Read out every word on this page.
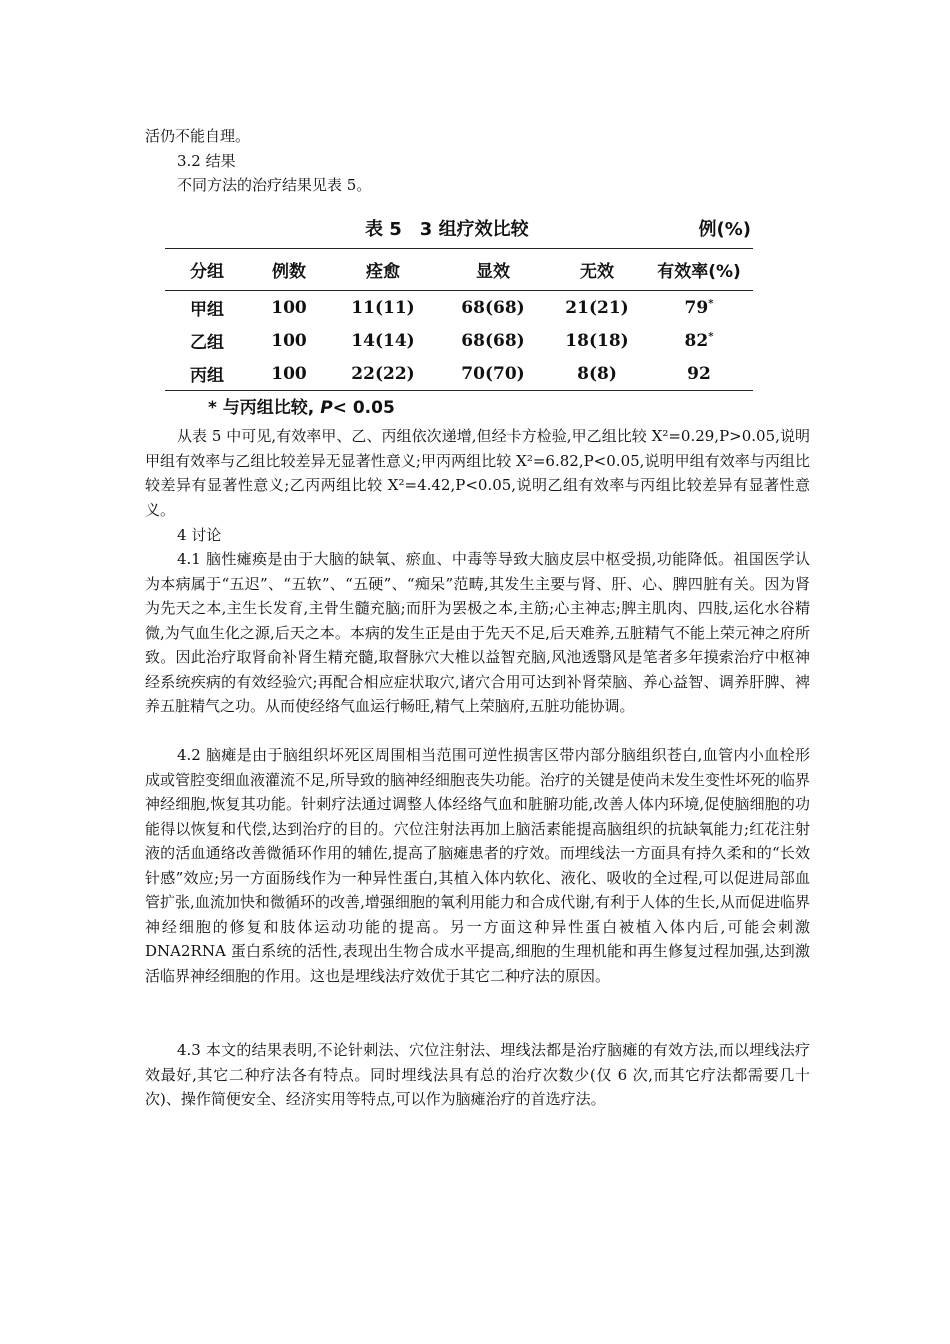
活仍不能自理。
3.2 结果
不同方法的治疗结果见表 5。
表 5　3 组疗效比较	例(%)
分组	例数	痊愈	显效	无效	有效率(%)
甲组	100	11(11)	68(68)	21(21)	79*
乙组	100	14(14)	68(68)	18(18)	82*
丙组	100	22(22)	70(70)	8(8)	92
* 与丙组比较, P< 0.05
从表 5 中可见,有效率甲、乙、丙组依次递增,但经卡方检验,甲乙组比较 X²=0.29,P>0.05,说明甲组有效率与乙组比较差异无显著性意义;甲丙两组比较 X²=6.82,P<0.05,说明甲组有效率与丙组比较差异有显著性意义;乙丙两组比较 X²=4.42,P<0.05,说明乙组有效率与丙组比较差异有显著性意义。
4 讨论
4.1 脑性瘫痪是由于大脑的缺氧、瘀血、中毒等导致大脑皮层中枢受损,功能降低。祖国医学认为本病属于“五迟”、“五软”、“五硬”、“痴呆”范畴,其发生主要与肾、肝、心、脾四脏有关。因为肾为先天之本,主生长发育,主骨生髓充脑;而肝为罢极之本,主筋;心主神志;脾主肌肉、四肢,运化水谷精微,为气血生化之源,后天之本。本病的发生正是由于先天不足,后天难养,五脏精气不能上荣元神之府所致。因此治疗取肾俞补肾生精充髓,取督脉穴大椎以益智充脑,风池透翳风是笔者多年摸索治疗中枢神经系统疾病的有效经验穴;再配合相应症状取穴,诸穴合用可达到补肾荣脑、养心益智、调养肝脾、裨养五脏精气之功。从而使经络气血运行畅旺,精气上荣脑府,五脏功能协调。
4.2 脑瘫是由于脑组织坏死区周围相当范围可逆性损害区带内部分脑组织苍白,血管内小血栓形成或管腔变细血液灌流不足,所导致的脑神经细胞丧失功能。治疗的关键是使尚未发生变性坏死的临界神经细胞,恢复其功能。针刺疗法通过调整人体经络气血和脏腑功能,改善人体内环境,促使脑细胞的功能得以恢复和代偿,达到治疗的目的。穴位注射法再加上脑活素能提高脑组织的抗缺氧能力;红花注射液的活血通络改善微循环作用的辅佐,提高了脑瘫患者的疗效。而埋线法一方面具有持久柔和的“长效针感”效应;另一方面肠线作为一种异性蛋白,其植入体内软化、液化、吸收的全过程,可以促进局部血管扩张,血流加快和微循环的改善,增强细胞的氧利用能力和合成代谢,有利于人体的生长,从而促进临界神经细胞的修复和肢体运动功能的提高。另一方面这种异性蛋白被植入体内后,可能会刺激 DNA2RNA 蛋白系统的活性,表现出生物合成水平提高,细胞的生理机能和再生修复过程加强,达到激活临界神经细胞的作用。这也是埋线法疗效优于其它二种疗法的原因。
4.3 本文的结果表明,不论针刺法、穴位注射法、埋线法都是治疗脑瘫的有效方法,而以埋线法疗效最好,其它二种疗法各有特点。同时埋线法具有总的治疗次数少(仅 6 次,而其它疗法都需要几十次)、操作简便安全、经济实用等特点,可以作为脑瘫治疗的首选疗法。
